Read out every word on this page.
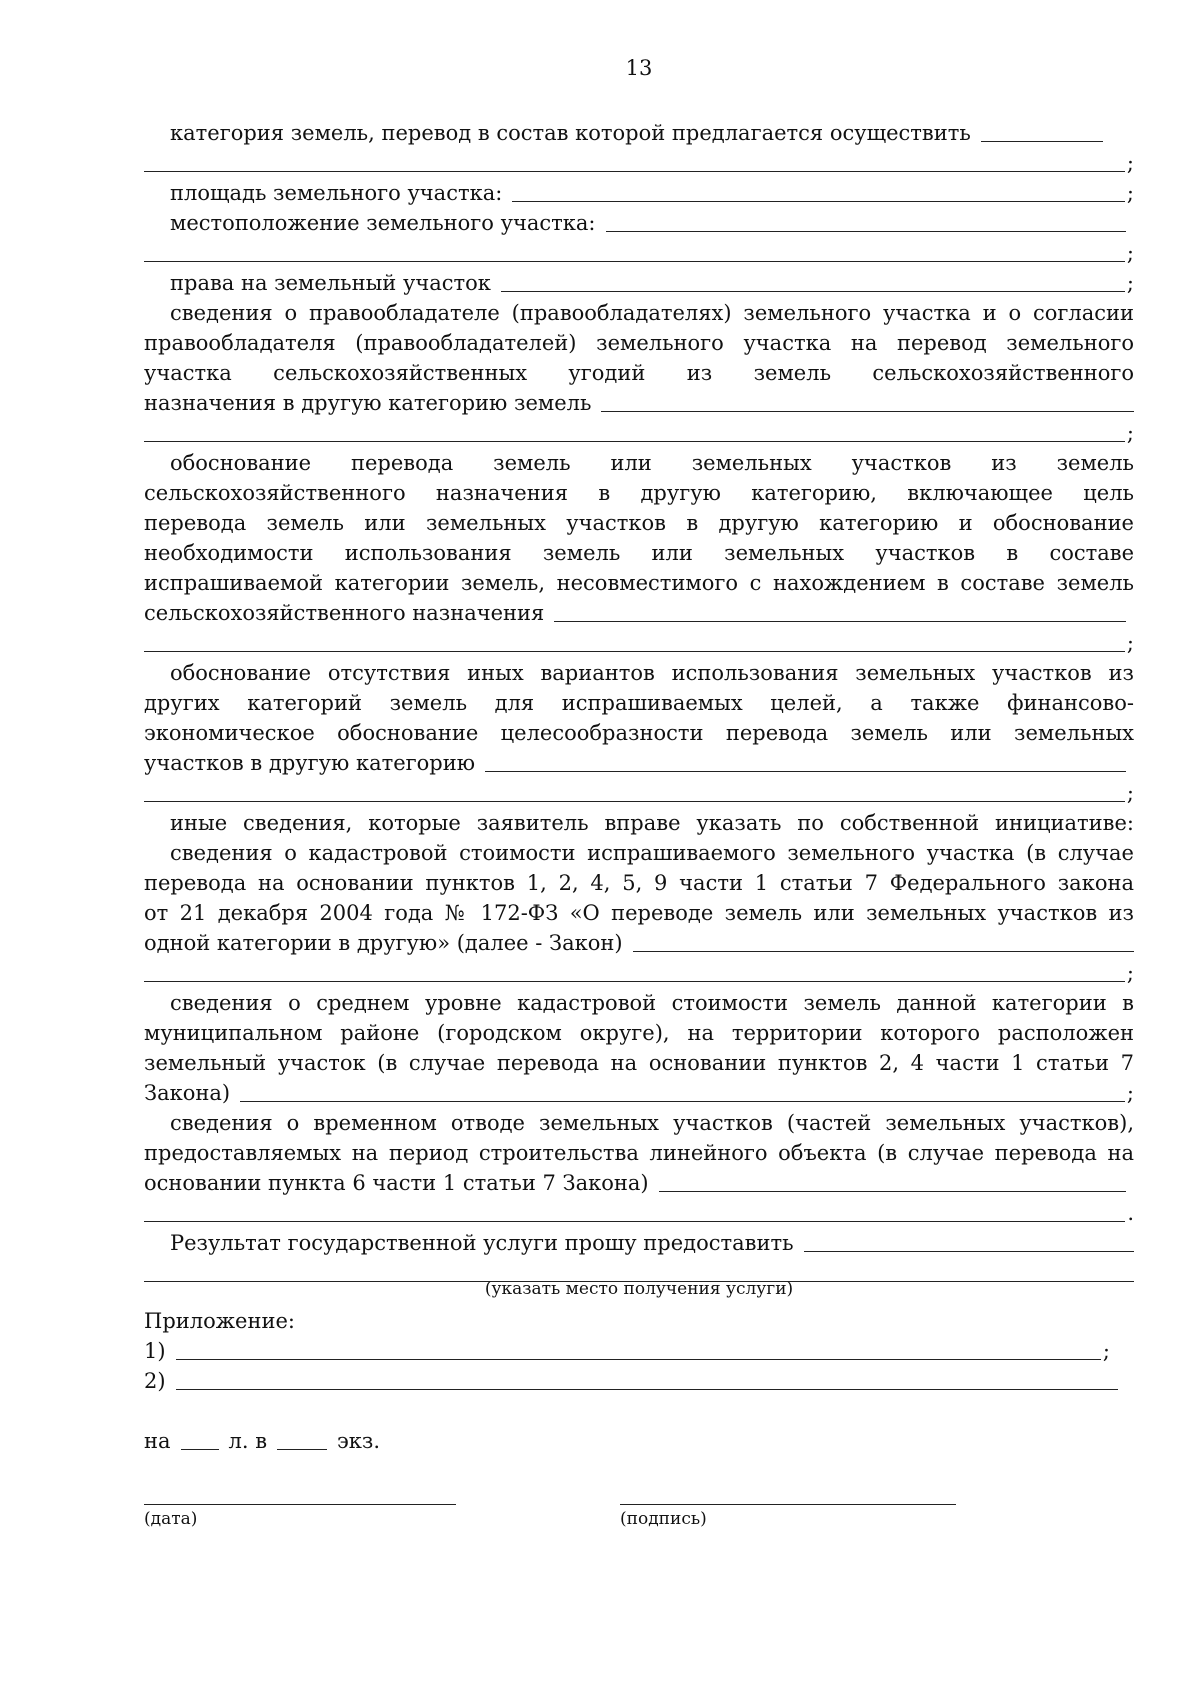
13
категория земель, перевод в состав которой предлагается осуществить
;
площадь земельного участка:	;
местоположение земельного участка:
;
права на земельный участок	;
сведения о правообладателе (правообладателях) земельного участка и о согласии
правообладателя (правообладателей) земельного участка на перевод земельного
участка сельскохозяйственных угодий из земель сельскохозяйственного
назначения в другую категорию земель
;
обоснование перевода земель или земельных участков из земель
сельскохозяйственного назначения в другую категорию, включающее цель
перевода земель или земельных участков в другую категорию и обоснование
необходимости использования земель или земельных участков в составе
испрашиваемой категории земель, несовместимого с нахождением в составе земель
сельскохозяйственного назначения
;
обоснование отсутствия иных вариантов использования земельных участков из
других категорий земель для испрашиваемых целей, а также финансово-
экономическое обоснование целесообразности перевода земель или земельных
участков в другую категорию
;
иные сведения, которые заявитель вправе указать по собственной инициативе:
сведения о кадастровой стоимости испрашиваемого земельного участка (в случае
перевода на основании пунктов 1, 2, 4, 5, 9 части 1 статьи 7 Федерального закона
от 21 декабря 2004 года № 172-ФЗ «О переводе земель или земельных участков из
одной категории в другую» (далее - Закон)
;
сведения о среднем уровне кадастровой стоимости земель данной категории в
муниципальном районе (городском округе), на территории которого расположен
земельный участок (в случае перевода на основании пунктов 2, 4 части 1 статьи 7
Закона)	;
сведения о временном отводе земельных участков (частей земельных участков),
предоставляемых на период строительства линейного объекта (в случае перевода на
основании пункта 6 части 1 статьи 7 Закона)
.
Результат государственной услуги прошу предоставить
(указать место получения услуги)
Приложение:
1)	;
2)
на	л. в	экз.
(дата)	(подпись)
